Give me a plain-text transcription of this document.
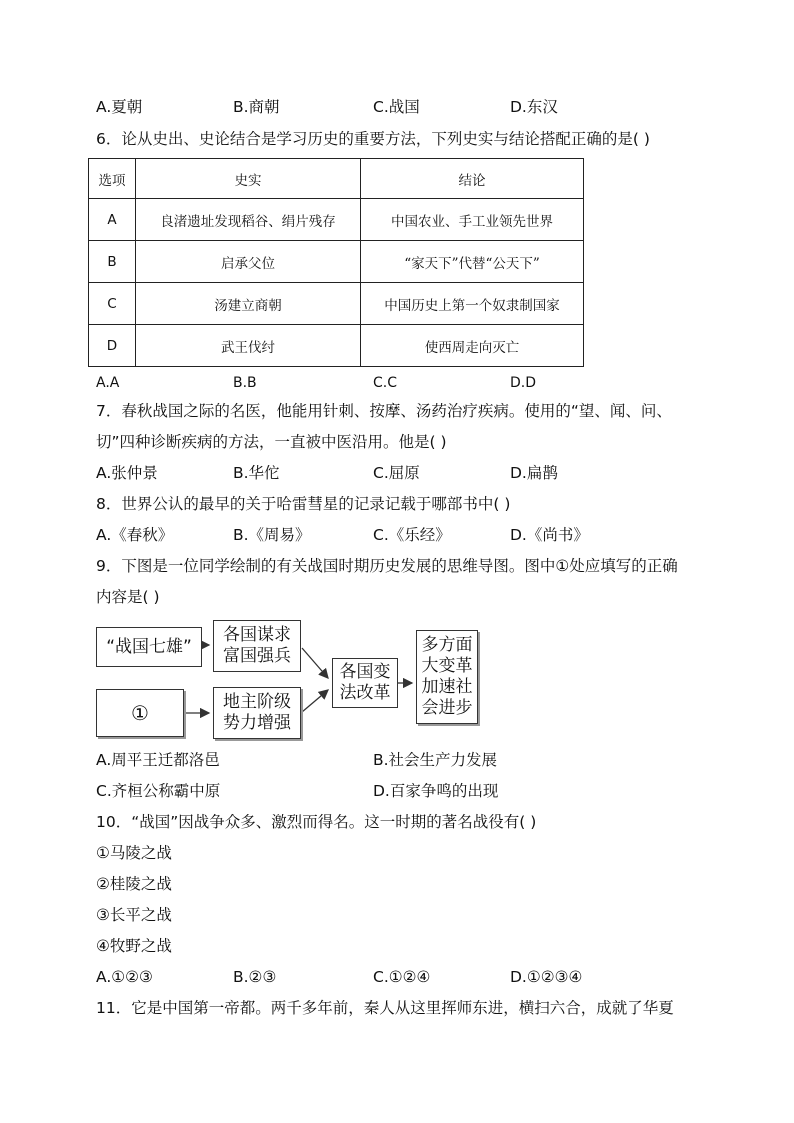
A.夏朝	B.商朝	C.战国	D.东汉
6．论从史出、史论结合是学习历史的重要方法，下列史实与结论搭配正确的是( )
选项	史实	结论
A	良渚遗址发现稻谷、绢片残存	中国农业、手工业领先世界
B	启承父位	“家天下”代替“公天下”
C	汤建立商朝	中国历史上第一个奴隶制国家
D	武王伐纣	使西周走向灭亡
A.A	B.B	C.C	D.D
7．春秋战国之际的名医，他能用针刺、按摩、汤药治疗疾病。使用的“望、闻、问、
切”四种诊断疾病的方法，一直被中医沿用。他是( )
A.张仲景	B.华佗	C.屈原	D.扁鹊
8．世界公认的最早的关于哈雷彗星的记录记载于哪部书中( )
A.《春秋》	B.《周易》	C.《乐经》	D.《尚书》
9．下图是一位同学绘制的有关战国时期历史发展的思维导图。图中①处应填写的正确
内容是( )
“战国七雄”
①
各国谋求
富国强兵
地主阶级
势力增强
各国变
法改革
多方面
大变革
加速社
会进步
A.周平王迁都洛邑	B.社会生产力发展
C.齐桓公称霸中原	D.百家争鸣的出现
10．“战国”因战争众多、激烈而得名。这一时期的著名战役有( )
①马陵之战
②桂陵之战
③长平之战
④牧野之战
A.①②③	B.②③	C.①②④	D.①②③④
11．它是中国第一帝都。两千多年前，秦人从这里挥师东进，横扫六合，成就了华夏
